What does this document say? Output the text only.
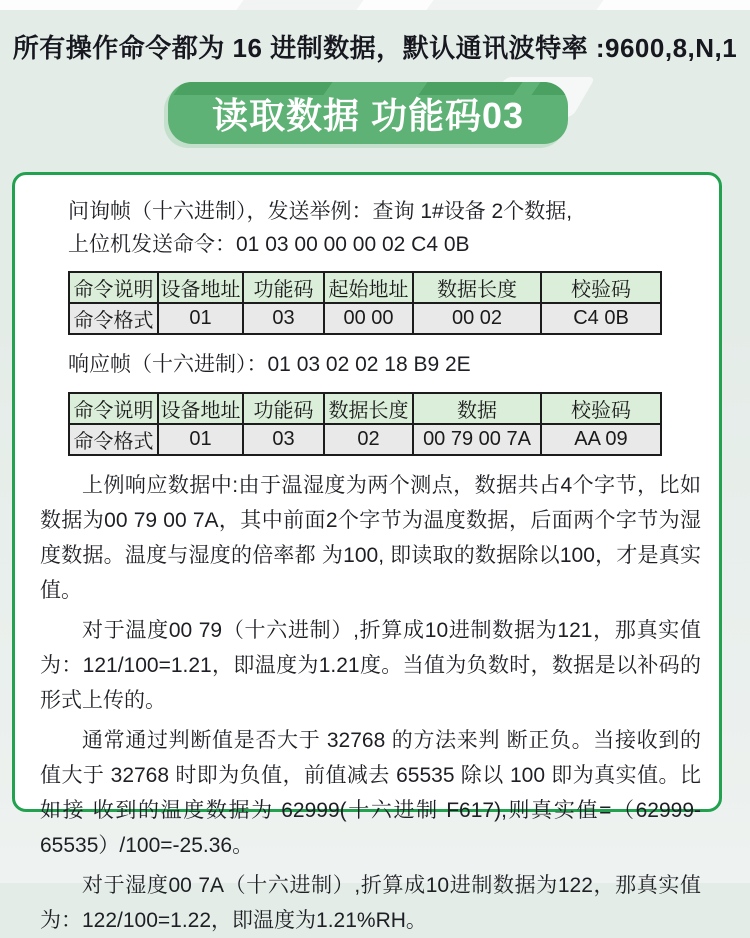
所有操作命令都为 16 进制数据，默认通讯波特率 :9600,8,N,1
读取数据 功能码03
问询帧（十六进制），发送举例：查询 1#设备 2个数据,
上位机发送命令：01 03 00 00 00 02 C4 0B
命令说明	设备地址	功能码	起始地址	数据长度	校验码
命令格式	01	03	00 00	00 02	C4 0B
响应帧（十六进制）：01 03 02 02 18 B9 2E
命令说明	设备地址	功能码	数据长度	数据	校验码
命令格式	01	03	02	00 79 00 7A	AA 09

上例响应数据中:由于温湿度为两个测点，数据共占4个字节，比如数据为00 79 00 7A，其中前面2个字节为温度数据，后面两个字节为湿度数据。温度与湿度的倍率都 为100, 即读取的数据除以100，才是真实值。

对于温度00 79（十六进制）,折算成10进制数据为121，那真实值为：121/100=1.21，即温度为1.21度。当值为负数时，数据是以补码的形式上传的。

通常通过判断值是否大于 32768 的方法来判 断正负。当接收到的值大于 32768 时即为负值，前值减去 65535 除以 100 即为真实值。比如接 收到的温度数据为 62999(十六进制 F617),则真实值=（62999-65535）/100=-25.36。

对于湿度00 7A（十六进制）,折算成10进制数据为122，那真实值为：122/100=1.22，即温度为1.21%RH。
